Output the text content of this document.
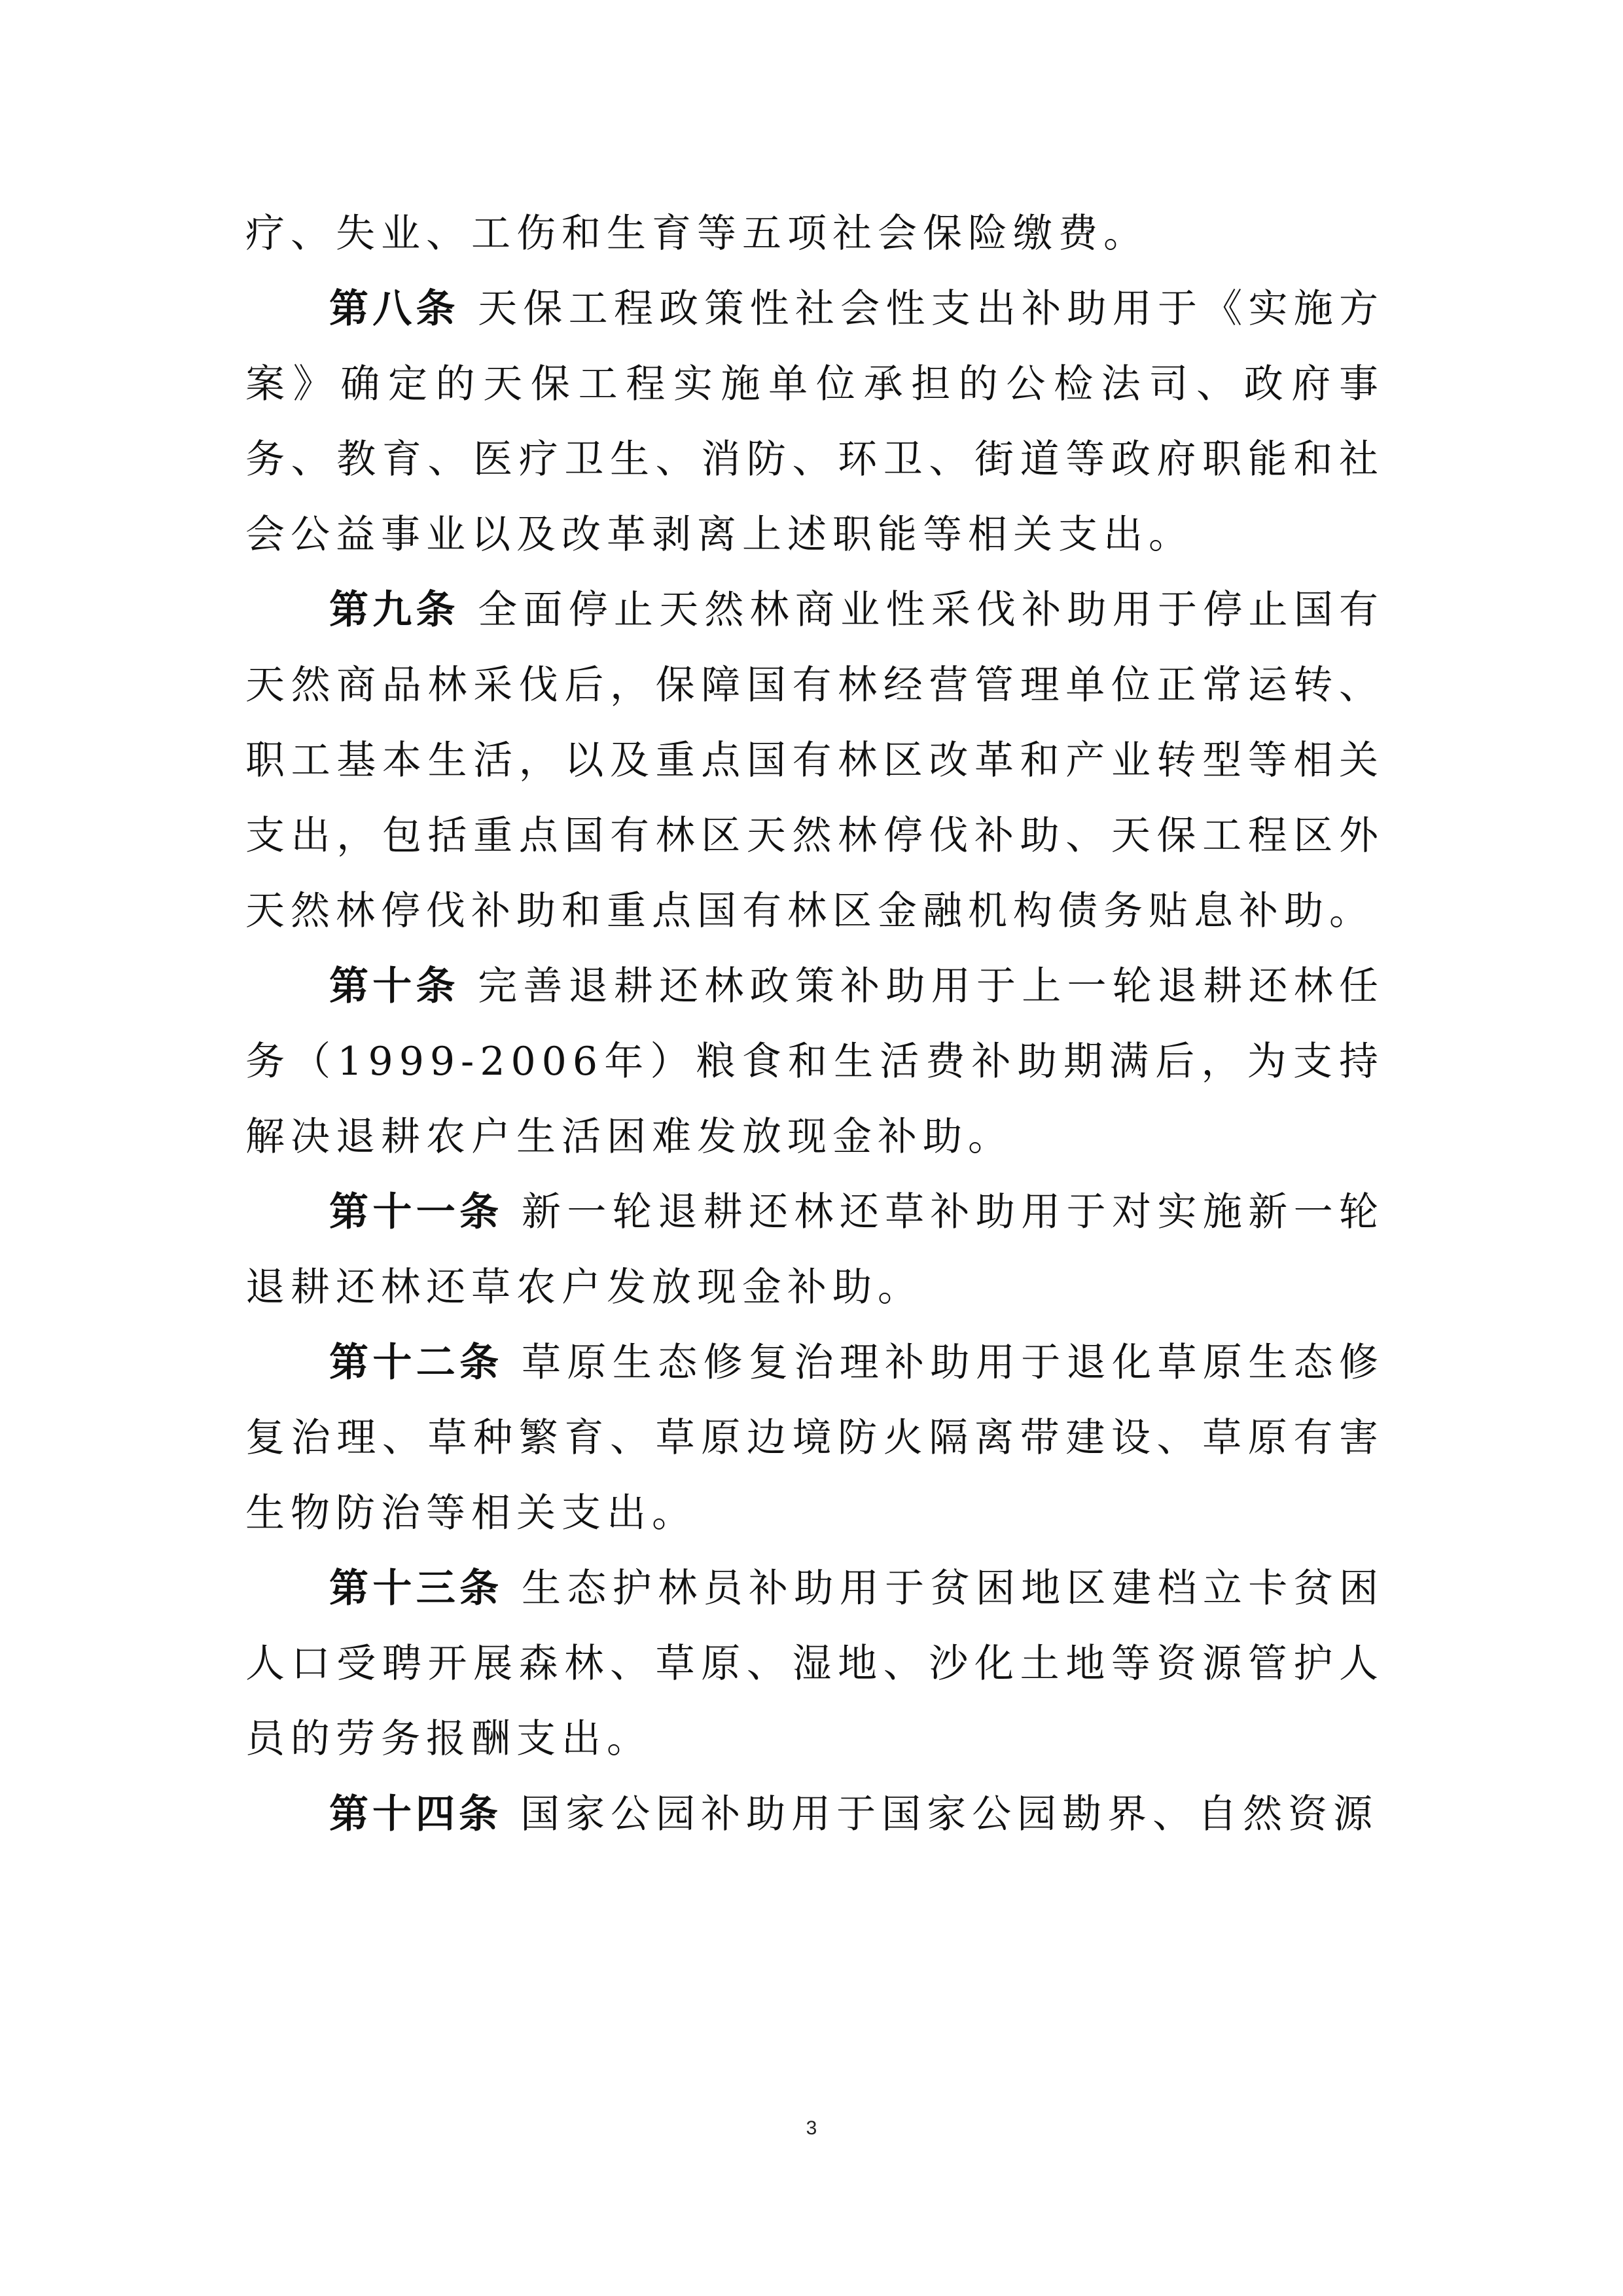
疗、失业、工伤和生育等五项社会保险缴费。

第八条 天保工程政策性社会性支出补助用于《实施方案》确定的天保工程实施单位承担的公检法司、政府事务、教育、医疗卫生、消防、环卫、街道等政府职能和社会公益事业以及改革剥离上述职能等相关支出。

第九条 全面停止天然林商业性采伐补助用于停止国有天然商品林采伐后，保障国有林经营管理单位正常运转、职工基本生活，以及重点国有林区改革和产业转型等相关支出，包括重点国有林区天然林停伐补助、天保工程区外天然林停伐补助和重点国有林区金融机构债务贴息补助。

第十条 完善退耕还林政策补助用于上一轮退耕还林任务（1999-2006年）粮食和生活费补助期满后，为支持解决退耕农户生活困难发放现金补助。

第十一条 新一轮退耕还林还草补助用于对实施新一轮退耕还林还草农户发放现金补助。

第十二条 草原生态修复治理补助用于退化草原生态修复治理、草种繁育、草原边境防火隔离带建设、草原有害生物防治等相关支出。

第十三条 生态护林员补助用于贫困地区建档立卡贫困人口受聘开展森林、草原、湿地、沙化土地等资源管护人员的劳务报酬支出。

第十四条 国家公园补助用于国家公园勘界、自然资源

3
